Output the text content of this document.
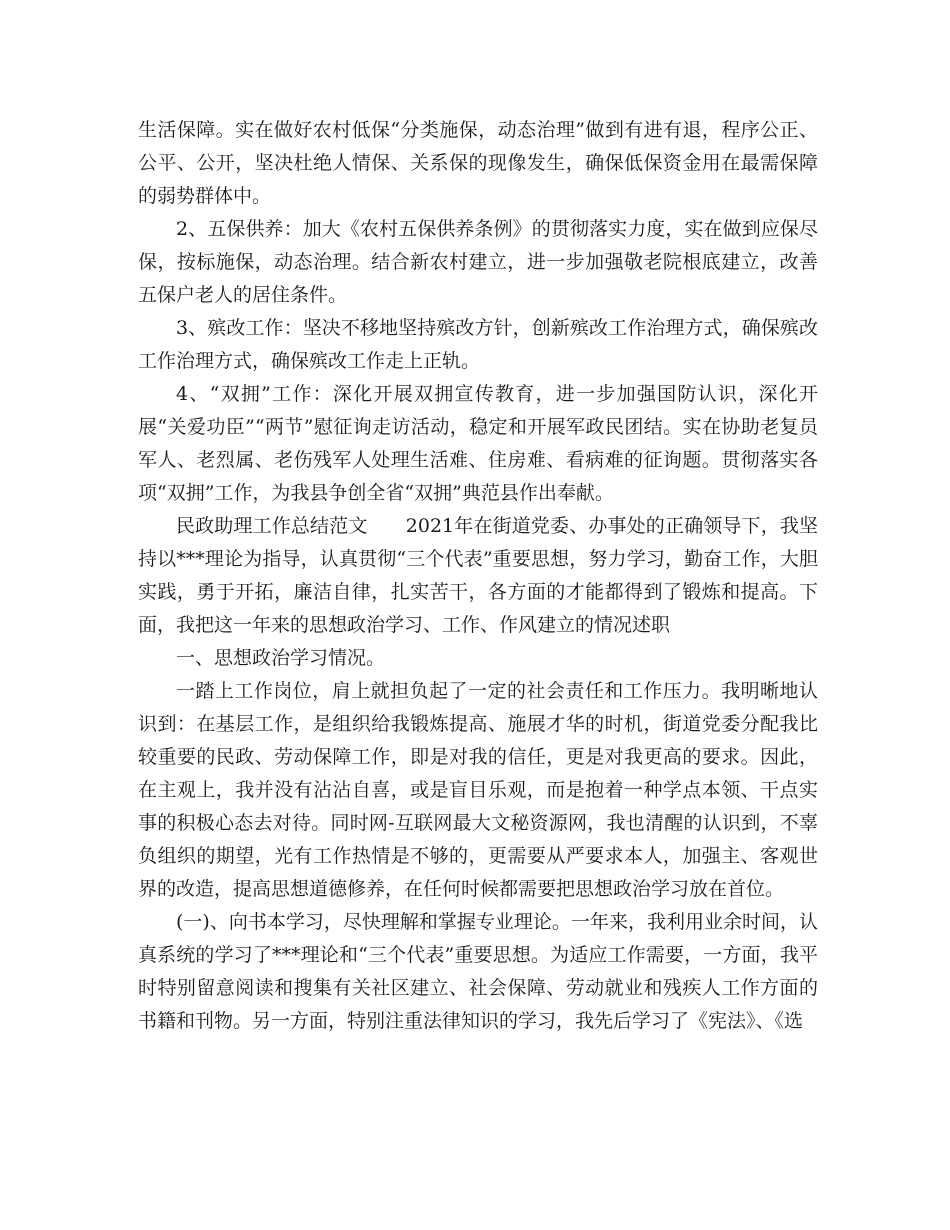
生活保障。实在做好农村低保“分类施保，动态治理”做到有进有退，程序公正、公平、公开，坚决杜绝人情保、关系保的现像发生，确保低保资金用在最需保障的弱势群体中。

2、五保供养：加大《农村五保供养条例》的贯彻落实力度，实在做到应保尽保，按标施保，动态治理。结合新农村建立，进一步加强敬老院根底建立，改善五保户老人的居住条件。

3、殡改工作：坚决不移地坚持殡改方针，创新殡改工作治理方式，确保殡改工作治理方式，确保殡改工作走上正轨。

4、“双拥”工作：深化开展双拥宣传教育，进一步加强国防认识，深化开展“关爱功臣”“两节”慰征询走访活动，稳定和开展军政民团结。实在协助老复员军人、老烈属、老伤残军人处理生活难、住房难、看病难的征询题。贯彻落实各项“双拥”工作，为我县争创全省“双拥”典范县作出奉献。

民政助理工作总结范文　　2021年在街道党委、办事处的正确领导下，我坚持以***理论为指导，认真贯彻“三个代表”重要思想，努力学习，勤奋工作，大胆实践，勇于开拓，廉洁自律，扎实苦干，各方面的才能都得到了锻炼和提高。下面，我把这一年来的思想政治学习、工作、作风建立的情况述职

一、思想政治学习情况。

一踏上工作岗位，肩上就担负起了一定的社会责任和工作压力。我明晰地认识到：在基层工作，是组织给我锻炼提高、施展才华的时机，街道党委分配我比较重要的民政、劳动保障工作，即是对我的信任，更是对我更高的要求。因此，在主观上，我并没有沾沾自喜，或是盲目乐观，而是抱着一种学点本领、干点实事的积极心态去对待。同时网-互联网最大文秘资源网，我也清醒的认识到，不辜负组织的期望，光有工作热情是不够的，更需要从严要求本人，加强主、客观世界的改造，提高思想道德修养，在任何时候都需要把思想政治学习放在首位。

(一)、向书本学习，尽快理解和掌握专业理论。一年来，我利用业余时间，认真系统的学习了***理论和“三个代表”重要思想。为适应工作需要，一方面，我平时特别留意阅读和搜集有关社区建立、社会保障、劳动就业和残疾人工作方面的书籍和刊物。另一方面，特别注重法律知识的学习，我先后学习了《宪法》、《选
